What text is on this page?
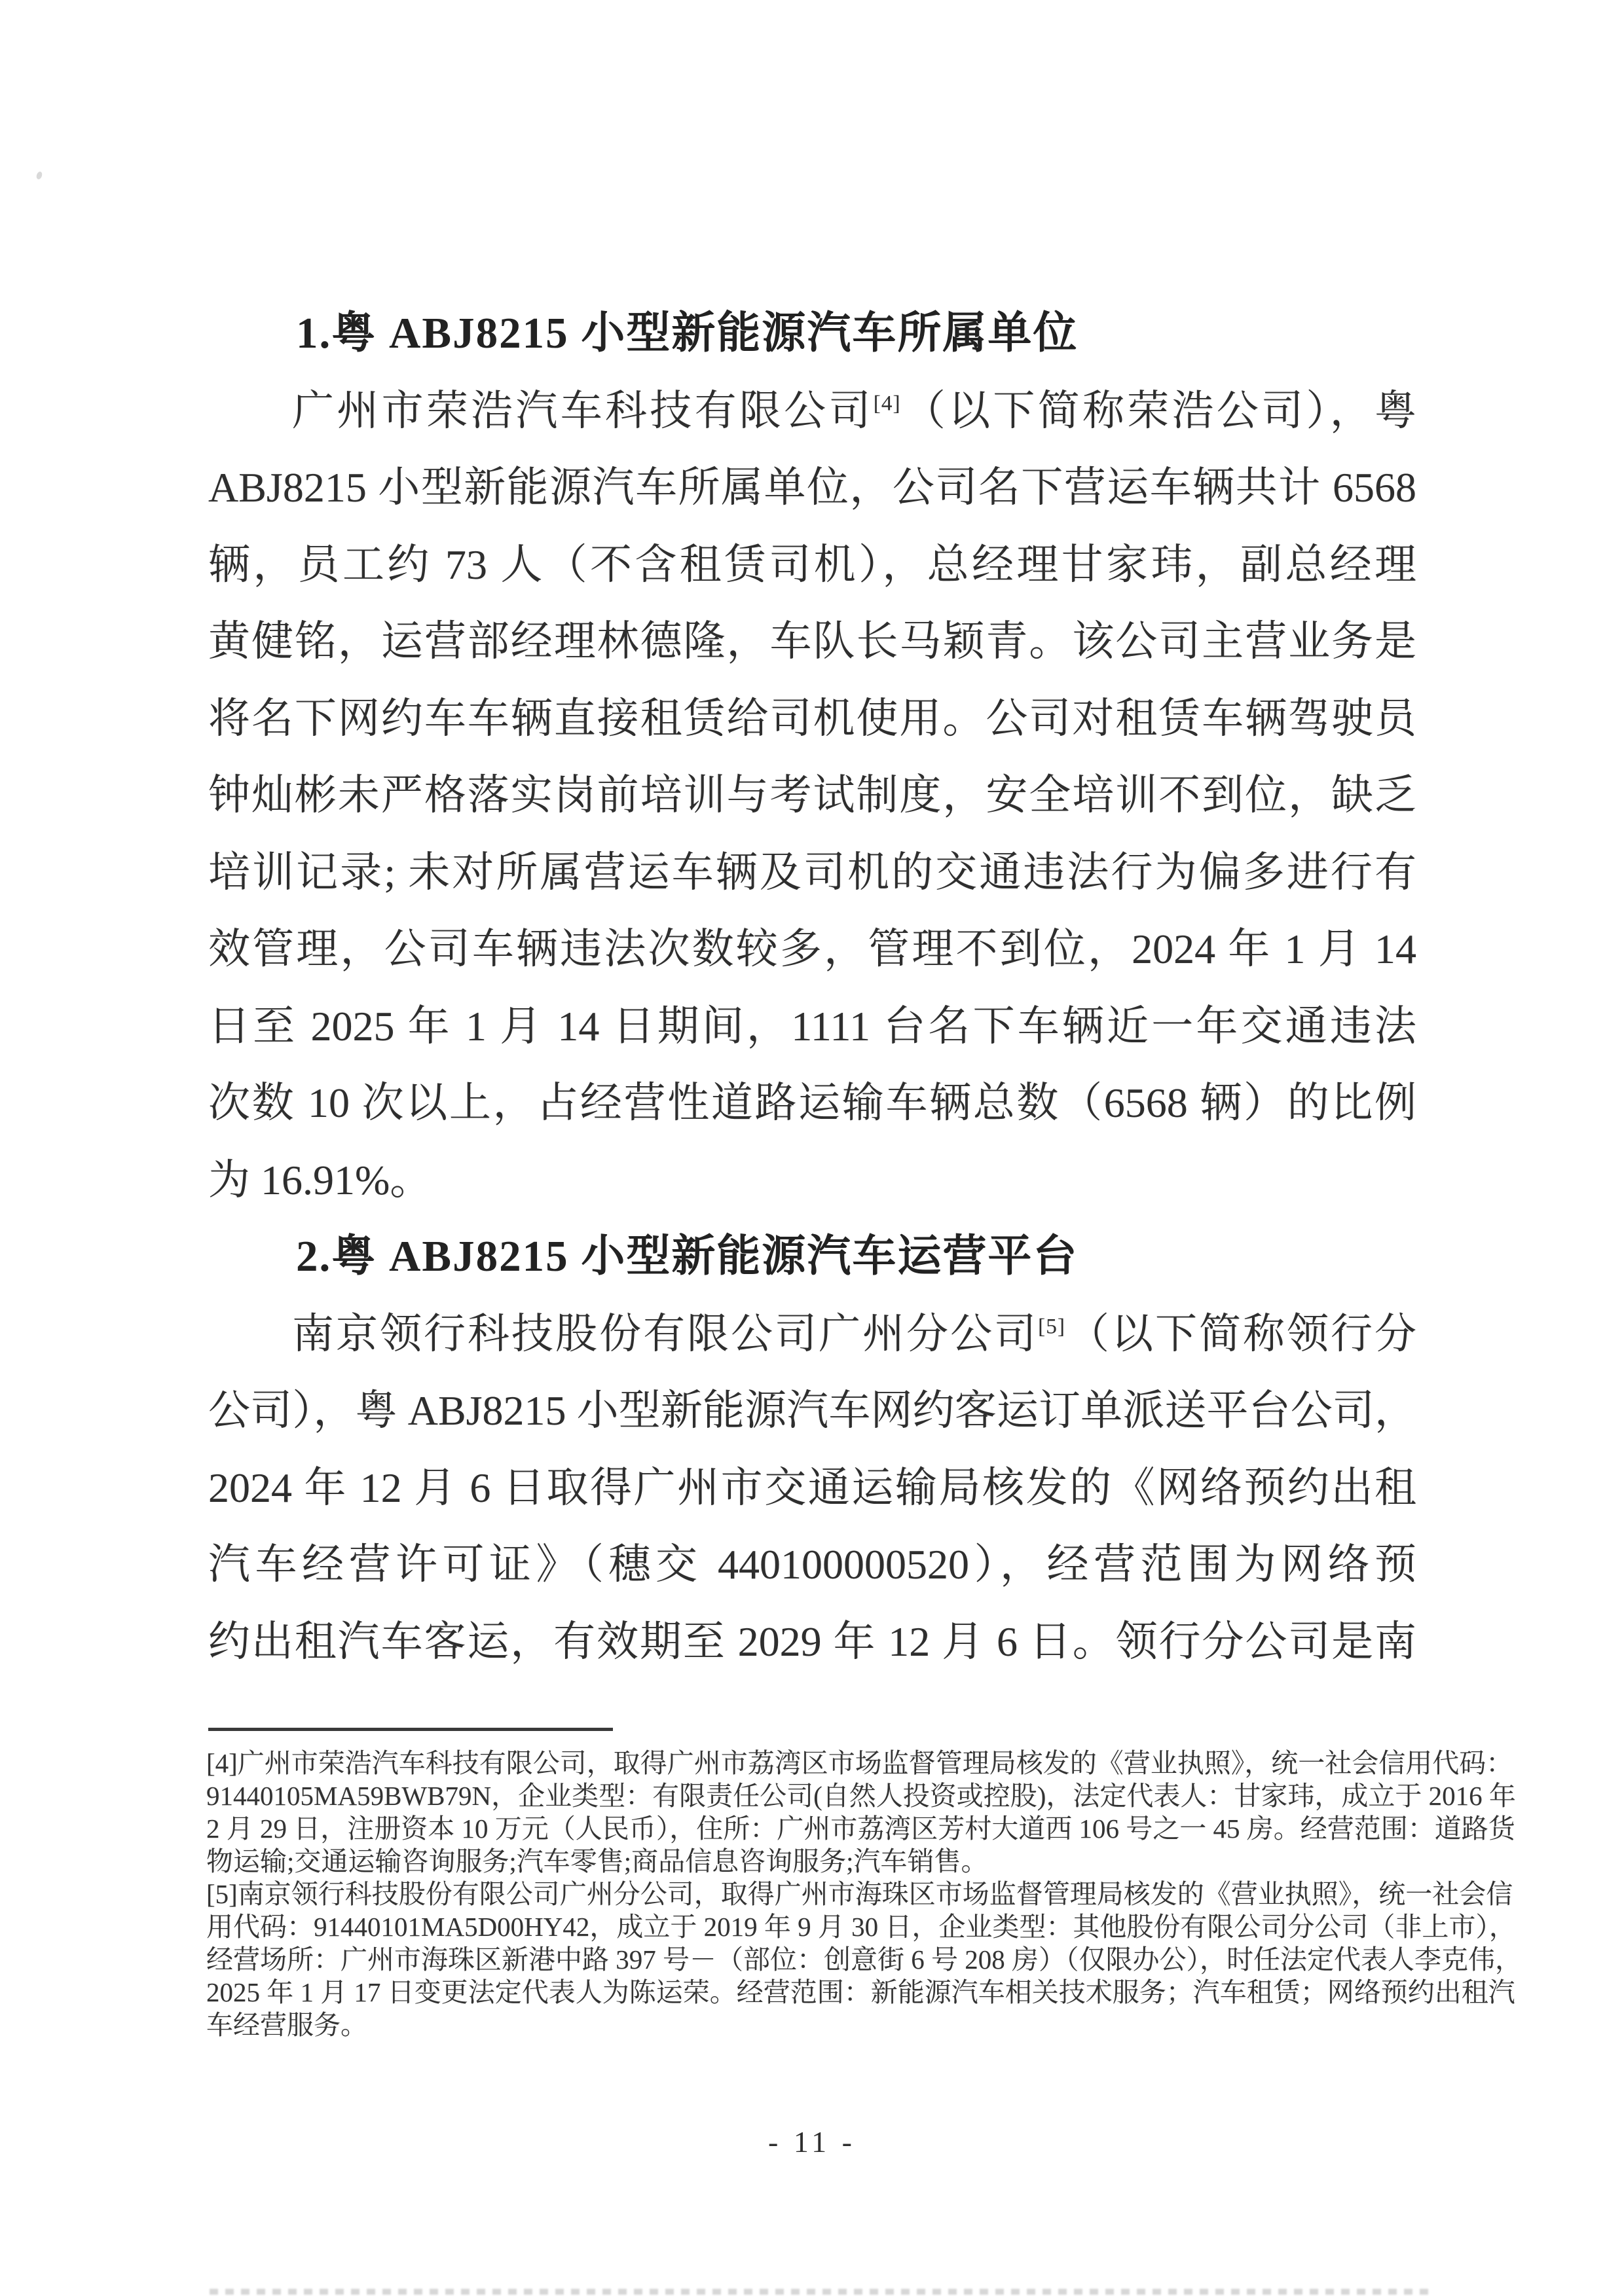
1.粤 ABJ8215 小型新能源汽车所属单位
广州市荣浩汽车科技有限公司[4]（以下简称荣浩公司），粤
ABJ8215 小型新能源汽车所属单位，公司名下营运车辆共计 6568
辆，员工约 73 人（不含租赁司机），总经理甘家玮，副总经理
黄健铭，运营部经理林德隆，车队长马颖青。该公司主营业务是
将名下网约车车辆直接租赁给司机使用。公司对租赁车辆驾驶员
钟灿彬未严格落实岗前培训与考试制度，安全培训不到位，缺乏
培训记录; 未对所属营运车辆及司机的交通违法行为偏多进行有
效管理，公司车辆违法次数较多，管理不到位，2024 年 1 月 14
日至 2025 年 1 月 14 日期间，1111 台名下车辆近一年交通违法
次数 10 次以上，占经营性道路运输车辆总数（6568 辆）的比例
为 16.91%。
2.粤 ABJ8215 小型新能源汽车运营平台
南京领行科技股份有限公司广州分公司[5]（以下简称领行分
公司），粤 ABJ8215 小型新能源汽车网约客运订单派送平台公司，
2024 年 12 月 6 日取得广州市交通运输局核发的《网络预约出租
汽车经营许可证》（穗交 440100000520），经营范围为网络预
约出租汽车客运，有效期至 2029 年 12 月 6 日。领行分公司是南
[4]广州市荣浩汽车科技有限公司，取得广州市荔湾区市场监督管理局核发的《营业执照》，统一社会信用代码：
91440105MA59BWB79N，企业类型：有限责任公司(自然人投资或控股)，法定代表人：甘家玮，成立于 2016 年
2 月 29 日，注册资本 10 万元（人民币），住所：广州市荔湾区芳村大道西 106 号之一 45 房。经营范围：道路货
物运输;交通运输咨询服务;汽车零售;商品信息咨询服务;汽车销售。
[5]南京领行科技股份有限公司广州分公司，取得广州市海珠区市场监督管理局核发的《营业执照》，统一社会信
用代码：91440101MA5D00HY42，成立于 2019 年 9 月 30 日，企业类型：其他股份有限公司分公司（非上市），
经营场所：广州市海珠区新港中路 397 号－（部位：创意街 6 号 208 房）（仅限办公），时任法定代表人李克伟，
2025 年 1 月 17 日变更法定代表人为陈运荣。经营范围：新能源汽车相关技术服务；汽车租赁；网络预约出租汽
车经营服务。
- 11 -
